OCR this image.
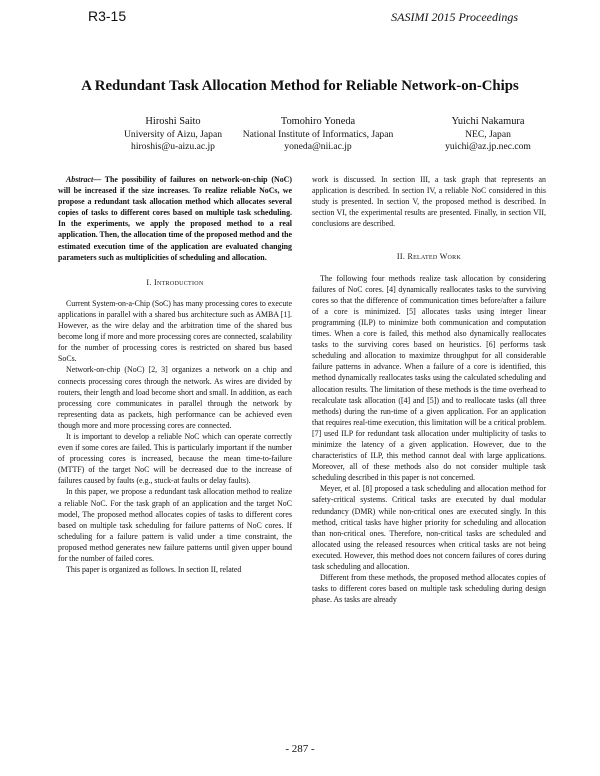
R3-15	SASIMI 2015 Proceedings
A Redundant Task Allocation Method for Reliable Network-on-Chips
Hiroshi Saito
University of Aizu, Japan
hiroshis@u-aizu.ac.jp
Tomohiro Yoneda
National Institute of Informatics, Japan
yoneda@nii.ac.jp
Yuichi Nakamura
NEC, Japan
yuichi@az.jp.nec.com

Abstract— The possibility of failures on network-on-chip (NoC) will be increased if the size increases. To realize reliable NoCs, we propose a redundant task allocation method which allocates several copies of tasks to different cores based on multiple task scheduling. In the experiments, we apply the proposed method to a real application. Then, the allocation time of the proposed method and the estimated execution time of the application are evaluated changing parameters such as multiplicities of scheduling and allocation.

I. Introduction

Current System-on-a-Chip (SoC) has many processing cores to execute applications in parallel with a shared bus architecture such as AMBA [1]. However, as the wire delay and the arbitration time of the shared bus become long if more and more processing cores are connected, scalability for the number of processing cores is restricted on shared bus based SoCs.

Network-on-chip (NoC) [2, 3] organizes a network on a chip and connects processing cores through the network. As wires are divided by routers, their length and load become short and small. In addition, as each processing core communicates in parallel through the network by representing data as packets, high performance can be achieved even though more and more processing cores are connected.

It is important to develop a reliable NoC which can operate correctly even if some cores are failed. This is particularly important if the number of processing cores is increased, because the mean time-to-failure (MTTF) of the target NoC will be decreased due to the increase of failures caused by faults (e.g., stuck-at faults or delay faults).

In this paper, we propose a redundant task allocation method to realize a reliable NoC. For the task graph of an application and the target NoC model, The proposed method allocates copies of tasks to different cores based on multiple task scheduling for failure patterns of NoC cores. If scheduling for a failure pattern is valid under a time constraint, the proposed method generates new failure patterns until given upper bound for the number of failed cores.

This paper is organized as follows. In section II, related

work is discussed. In section III, a task graph that represents an application is described. In section IV, a reliable NoC considered in this study is presented. In section V, the proposed method is described. In section VI, the experimental results are presented. Finally, in section VII, conclusions are described.

II. Related Work

The following four methods realize task allocation by considering failures of NoC cores. [4] dynamically reallocates tasks to the surviving cores so that the difference of communication times before/after a failure of a core is minimized. [5] allocates tasks using integer linear programming (ILP) to minimize both communication and computation times. When a core is failed, this method also dynamically reallocates tasks to the surviving cores based on heuristics. [6] performs task scheduling and allocation to maximize throughput for all considerable failure patterns in advance. When a failure of a core is identified, this method dynamically reallocates tasks using the calculated scheduling and allocation results. The limitation of these methods is the time overhead to recalculate task allocation ([4] and [5]) and to reallocate tasks (all three methods) during the run-time of a given application. For an application that requires real-time execution, this limitation will be a critical problem. [7] used ILP for redundant task allocation under multiplicity of tasks to minimize the latency of a given application. However, due to the characteristics of ILP, this method cannot deal with large applications. Moreover, all of these methods also do not consider multiple task scheduling described in this paper is not concerned.

Meyer, et al. [8] proposed a task scheduling and allocation method for safety-critical systems. Critical tasks are executed by dual modular redundancy (DMR) while non-critical ones are executed singly. In this method, critical tasks have higher priority for scheduling and allocation than non-critical ones. Therefore, non-critical tasks are scheduled and allocated using the released resources when critical tasks are not being executed. However, this method does not concern failures of cores during task scheduling and allocation.

Different from these methods, the proposed method allocates copies of tasks to different cores based on multiple task scheduling during design phase. As tasks are already

- 287 -
